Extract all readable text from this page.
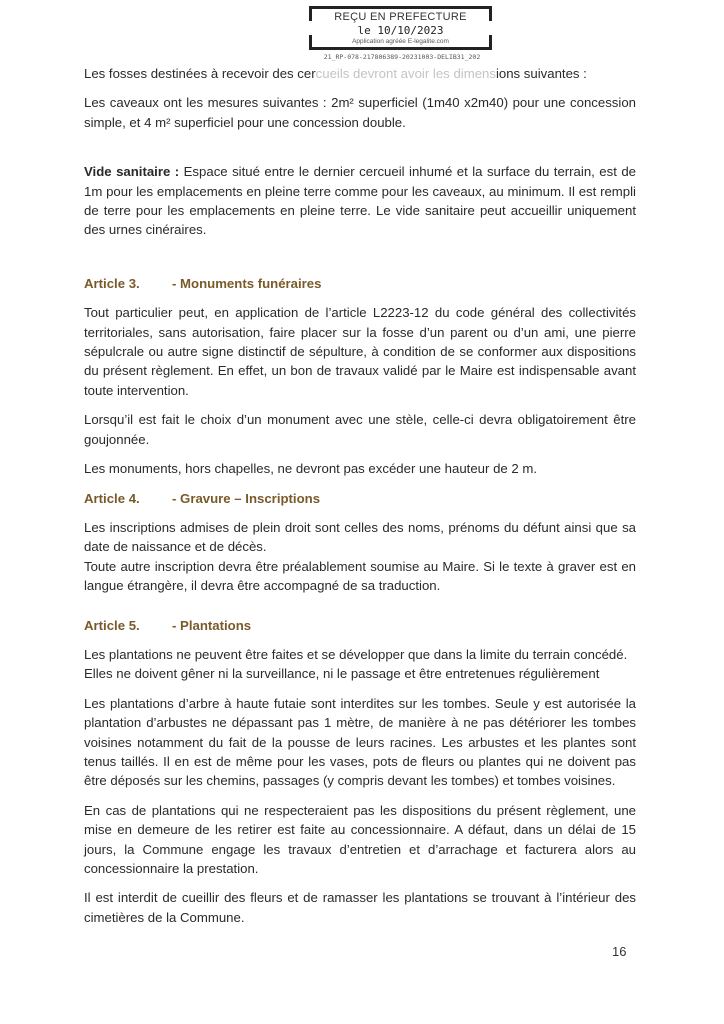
REÇU EN PREFECTURE
le 10/10/2023
Application agréée E-legalite.com
21_RP-078-217806389-20231003-DELIB31_202

Les fosses destinées à recevoir des cercueils devront avoir les dimensions suivantes :

Les caveaux ont les mesures suivantes : 2m² superficiel (1m40 x2m40) pour une concession simple, et 4 m² superficiel pour une concession double.

Vide sanitaire : Espace situé entre le dernier cercueil inhumé et la surface du terrain, est de 1m pour les emplacements en pleine terre comme pour les caveaux, au minimum. Il est rempli de terre pour les emplacements en pleine terre. Le vide sanitaire peut accueillir uniquement des urnes cinéraires.

Article 3.	- Monuments funéraires

Tout particulier peut, en application de l’article L2223-12 du code général des collectivités territoriales, sans autorisation, faire placer sur la fosse d’un parent ou d’un ami, une pierre sépulcrale ou autre signe distinctif de sépulture, à condition de se conformer aux dispositions du présent règlement. En effet, un bon de travaux validé par le Maire est indispensable avant toute intervention.

Lorsqu’il est fait le choix d’un monument avec une stèle, celle-ci devra obligatoirement être goujonnée.

Les monuments, hors chapelles, ne devront pas excéder une hauteur de 2 m.

Article 4.	- Gravure – Inscriptions

Les inscriptions admises de plein droit sont celles des noms, prénoms du défunt ainsi que sa date de naissance et de décès.

Toute autre inscription devra être préalablement soumise au Maire. Si le texte à graver est en langue étrangère, il devra être accompagné de sa traduction.

Article 5.	- Plantations

Les plantations ne peuvent être faites et se développer que dans la limite du terrain concédé.

Elles ne doivent gêner ni la surveillance, ni le passage et être entretenues régulièrement

Les plantations d’arbre à haute futaie sont interdites sur les tombes. Seule y est autorisée la plantation d’arbustes ne dépassant pas 1 mètre, de manière à ne pas détériorer les tombes voisines notamment du fait de la pousse de leurs racines. Les arbustes et les plantes sont tenus taillés. Il en est de même pour les vases, pots de fleurs ou plantes qui ne doivent pas être déposés sur les chemins, passages (y compris devant les tombes) et tombes voisines.

En cas de plantations qui ne respecteraient pas les dispositions du présent règlement, une mise en demeure de les retirer est faite au concessionnaire. A défaut, dans un délai de 15 jours, la Commune engage les travaux d’entretien et d’arrachage et facturera alors au concessionnaire la prestation.

Il est interdit de cueillir des fleurs et de ramasser les plantations se trouvant à l’intérieur des cimetières de la Commune.

16
